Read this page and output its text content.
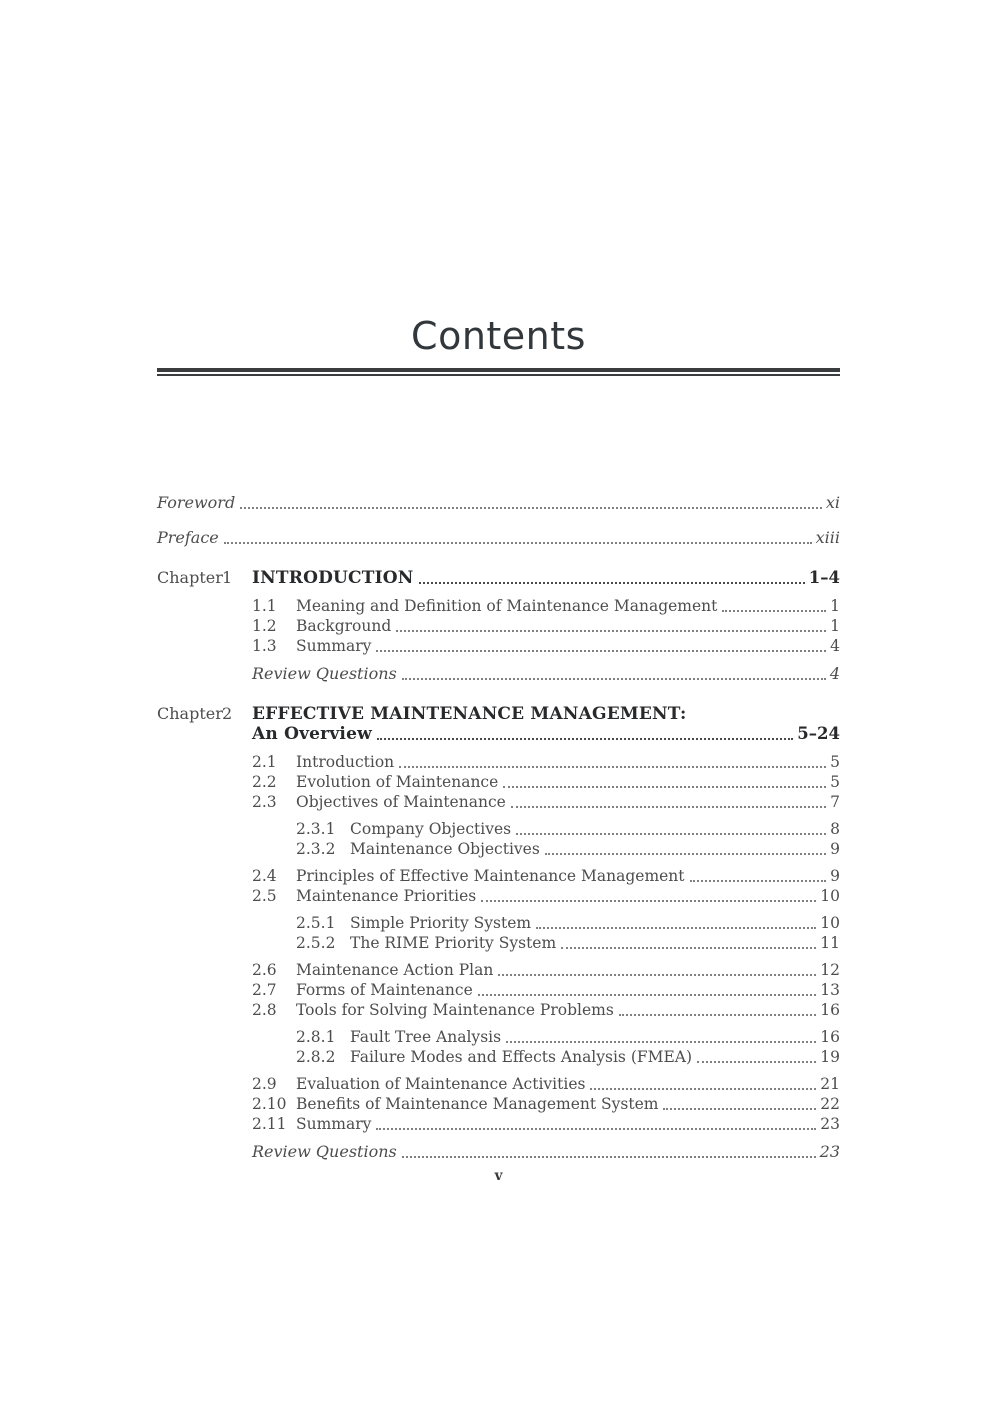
Contents
Foreword	xi
Preface	xiii
Chapter 1	INTRODUCTION	1–4
1.1	Meaning and Definition of Maintenance Management	1
1.2	Background	1
1.3	Summary	4
Review Questions	4
Chapter 2	EFFECTIVE MAINTENANCE MANAGEMENT:
An Overview	5–24
2.1	Introduction	5
2.2	Evolution of Maintenance	5
2.3	Objectives of Maintenance	7
2.3.1 Company Objectives	8
2.3.2 Maintenance Objectives	9
2.4	Principles of Effective Maintenance Management	9
2.5	Maintenance Priorities	10
2.5.1 Simple Priority System	10
2.5.2 The RIME Priority System	11
2.6	Maintenance Action Plan	12
2.7	Forms of Maintenance	13
2.8	Tools for Solving Maintenance Problems	16
2.8.1 Fault Tree Analysis	16
2.8.2 Failure Modes and Effects Analysis (FMEA)	19
2.9	Evaluation of Maintenance Activities	21
2.10 Benefits of Maintenance Management System	22
2.11 Summary	23
Review Questions	23
v
